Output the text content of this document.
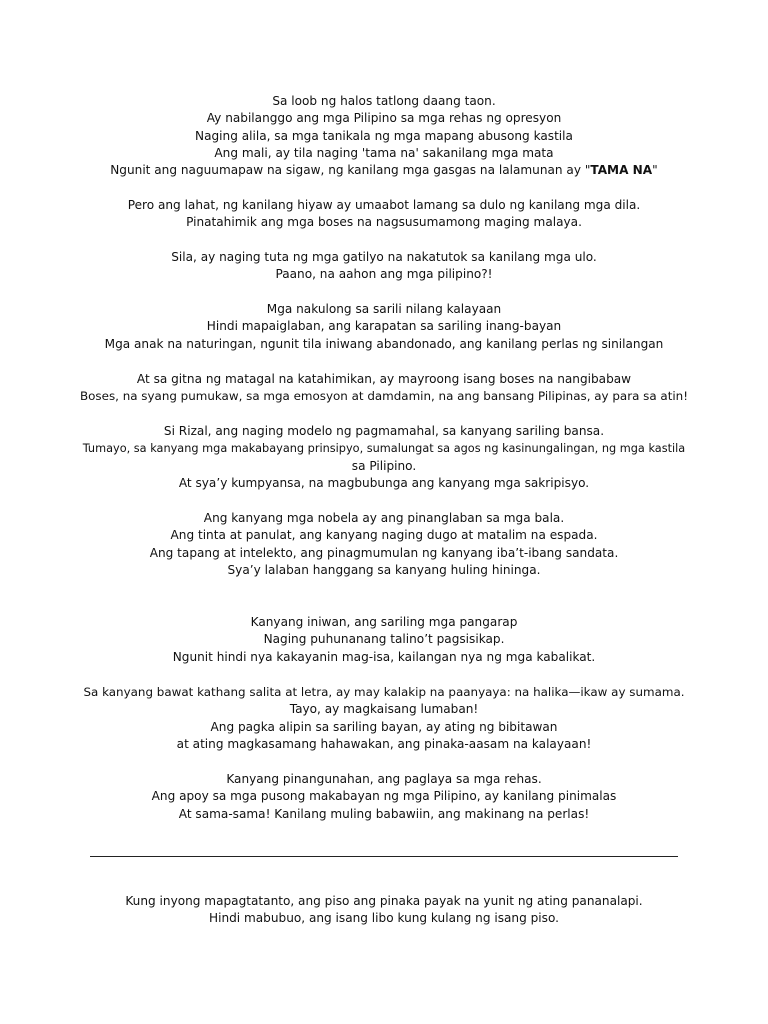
Sa loob ng halos tatlong daang taon.
Ay nabilanggo ang mga Pilipino sa mga rehas ng opresyon
Naging alila, sa mga tanikala ng mga mapang abusong kastila
Ang mali, ay tila naging 'tama na' sakanilang mga mata
Ngunit ang naguumapaw na sigaw, ng kanilang mga gasgas na lalamunan ay "TAMA NA"
Pero ang lahat, ng kanilang hiyaw ay umaabot lamang sa dulo ng kanilang mga dila.
Pinatahimik ang mga boses na nagsusumamong maging malaya.
Sila, ay naging tuta ng mga gatilyo na nakatutok sa kanilang mga ulo.
Paano, na aahon ang mga pilipino?!
Mga nakulong sa sarili nilang kalayaan
Hindi mapaiglaban, ang karapatan sa sariling inang-bayan
Mga anak na naturingan, ngunit tila iniwang abandonado, ang kanilang perlas ng sinilangan
At sa gitna ng matagal na katahimikan, ay mayroong isang boses na nangibabaw
Boses, na syang pumukaw, sa mga emosyon at damdamin, na ang bansang Pilipinas, ay para sa atin!
Si Rizal, ang naging modelo ng pagmamahal, sa kanyang sariling bansa.
Tumayo, sa kanyang mga makabayang prinsipyo, sumalungat sa agos ng kasinungalingan, ng mga kastila
sa Pilipino.
At sya’y kumpyansa, na magbubunga ang kanyang mga sakripisyo.
Ang kanyang mga nobela ay ang pinanglaban sa mga bala.
Ang tinta at panulat, ang kanyang naging dugo at matalim na espada.
Ang tapang at intelekto, ang pinagmumulan ng kanyang iba’t-ibang sandata.
Sya’y lalaban hanggang sa kanyang huling hininga.
Kanyang iniwan, ang sariling mga pangarap
Naging puhunanang talino’t pagsisikap.
Ngunit hindi nya kakayanin mag-isa, kailangan nya ng mga kabalikat.
Sa kanyang bawat kathang salita at letra, ay may kalakip na paanyaya: na halika—ikaw ay sumama.
Tayo, ay magkaisang lumaban!
Ang pagka alipin sa sariling bayan, ay ating ng bibitawan
at ating magkasamang hahawakan, ang pinaka-aasam na kalayaan!
Kanyang pinangunahan, ang paglaya sa mga rehas.
Ang apoy sa mga pusong makabayan ng mga Pilipino, ay kanilang pinimalas
At sama-sama! Kanilang muling babawiin, ang makinang na perlas!
Kung inyong mapagtatanto, ang piso ang pinaka payak na yunit ng ating pananalapi.
Hindi mabubuo, ang isang libo kung kulang ng isang piso.
